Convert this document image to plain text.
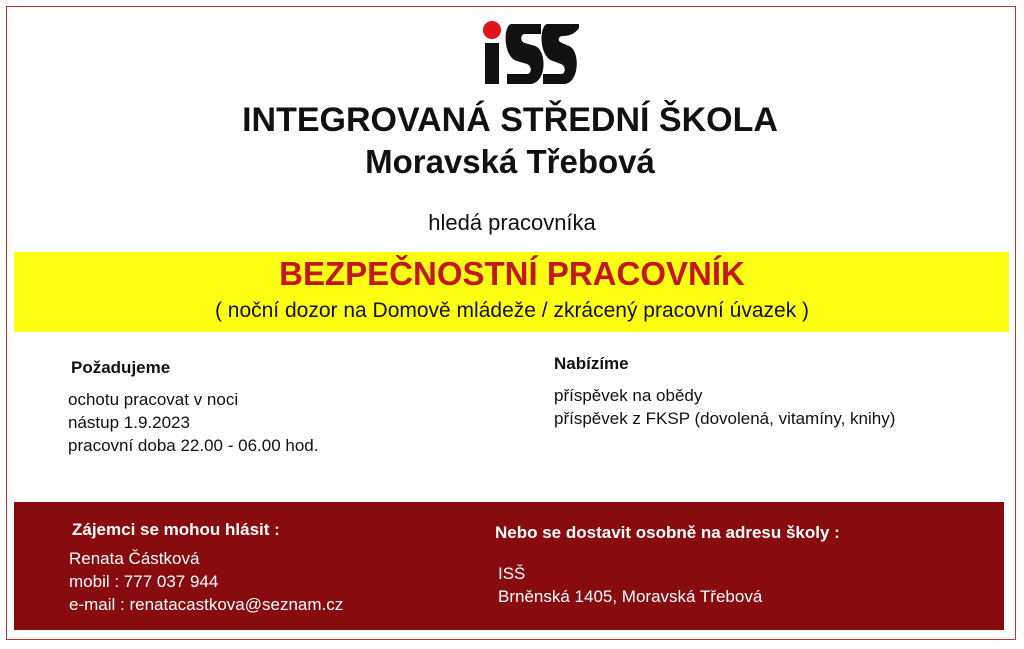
INTEGROVANÁ STŘEDNÍ ŠKOLA
Moravská Třebová
hledá pracovníka
BEZPEČNOSTNÍ PRACOVNÍK
( noční dozor na Domově mládeže / zkrácený pracovní úvazek )
Požadujeme
ochotu pracovat v noci
nástup 1.9.2023
pracovní doba 22.00 - 06.00 hod.
Nabízíme
příspěvek na obědy
příspěvek z FKSP (dovolená, vitamíny, knihy)
Zájemci se mohou hlásit :
Renata Částková
mobil : 777 037 944
e-mail : renatacastkova@seznam.cz
Nebo se dostavit osobně na adresu školy :
ISŠ
Brněnská 1405, Moravská Třebová
